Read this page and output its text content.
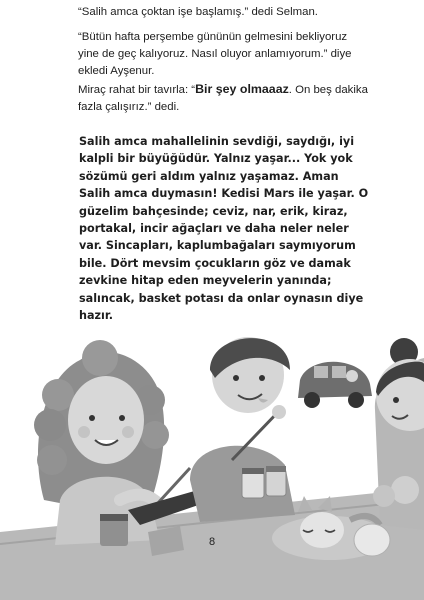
“Salih amca çoktan işe başlamış.” dedi Selman.

“Bütün hafta perşembe gününün gelmesini bekliyoruz yine de geç kalıyoruz. Nasıl oluyor anlamıyorum.” diye ekledi Ayşenur.

Miraç rahat bir tavırla: “Bir şey olmaaaz. On beş dakika fazla çalışırız.” dedi.

Salih amca mahallelinin sevdiği, saydığı, iyi kalpli bir büyüğüdür. Yalnız yaşar... Yok yok sözümü geri aldım yalnız yaşamaz. Aman Salih amca duymasın! Kedisi Mars ile yaşar. O güzelim bahçesinde; ceviz, nar, erik, kiraz, portakal, incir ağaçları ve daha neler neler var. Sincapları, kaplumbağaları saymıyorum bile. Dört mevsim çocukların göz ve damak zevkine hitap eden meyvelerin yanında; salıncak, basket potası da onlar oynasın diye hazır.

8
